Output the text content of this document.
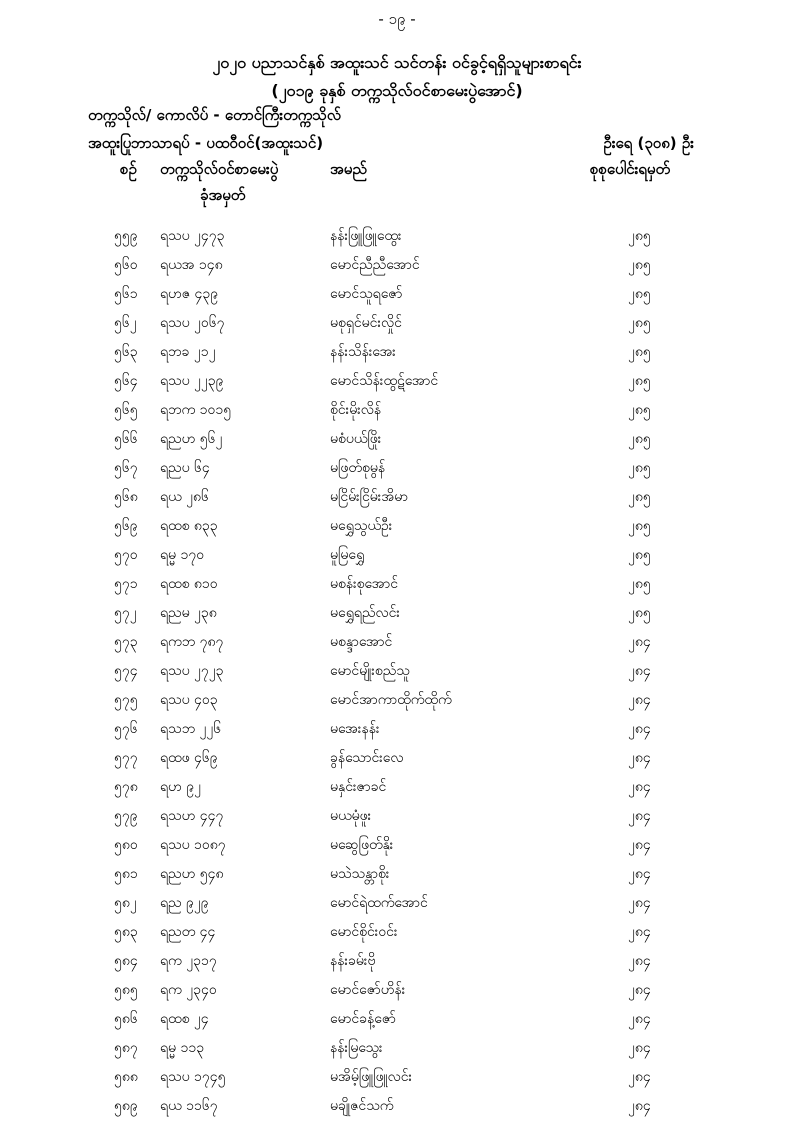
- ၁၉ -
၂၀၂၀ ပညာသင်နှစ် အထူးသင် သင်တန်း ဝင်ခွင့်ရရှိသူများစာရင်း
(၂၀၁၉ ခုနှစ် တက္ကသိုလ်ဝင်စာမေးပွဲအောင်)
တက္ကသိုလ်/ ကောလိပ် - တောင်ကြီးတက္ကသိုလ်
အထူးပြုဘာသာရပ် - ပထဝီဝင်(အထူးသင်)	ဦးရေ (၃၀၈) ဦး
စဉ် တက္ကသိုလ်ဝင်စာမေးပွဲ
ခုံအမှတ်
အမည်	စုစုပေါင်းရမှတ်
၅၅၉ ရသပ ၂၄၇၃	နန်းဖြူဖြူထွေး	၂၈၅
၅၆၀ ရယအ ၁၄၈	မောင်ညီညီအောင်	၂၈၅
၅၆၁ ရဟဇ ၄၃၉	မောင်သူရဇော်	၂၈၅
၅၆၂ ရသပ ၂၀၆၇	မစုရှင်မင်းလှိုင်	၂၈၅
၅၆၃ ရဘခ ၂၁၂	နန်းသိန်းအေး	၂၈၅
၅၆၄ ရသပ ၂၂၃၉	မောင်သိန်းထွဋ်အောင်	၂၈၅
၅၆၅ ရဘက ၁၀၁၅	စိုင်းမိုးလိန်	၂၈၅
၅၆၆ ရညဟ ၅၆၂	မစံပယ်ဖြိုး	၂၈၅
၅၆၇ ရညပ ၆၄	မဖြတ်စုမွန်	၂၈၅
၅၆၈ ရယ ၂၈၆	မငြိမ်းငြိမ်းအိမာ	၂၈၅
၅၆၉ ရထစ ၈၃၃	မရွှေသွယ်ဦး	၂၈၅
၅၇၀ ရမ္မ ၁၇၀	မူမြရွှေ	၂၈၅
၅၇၁ ရထစ ၈၁၀	မစန်းစုအောင်	၂၈၅
၅၇၂ ရညမ ၂၃၈	မရွှေရည်လင်း	၂၈၅
၅၇၃ ရကဘ ၇၈၇	မစန္ဒာအောင်	၂၈၄
၅၇၄ ရသပ ၂၇၂၃	မောင်မျိုးစည်သူ	၂၈၄
၅၇၅ ရသပ ၄၀၃	မောင်အာကာထိုက်ထိုက်	၂၈၄
၅၇၆ ရသဘ ၂၂၆	မအေးနန်း	၂၈၄
၅၇၇ ရထဖ ၄၆၉	ခွန်သောင်းလေ	၂၈၄
၅၇၈ ရဟ ၉၂	မနှင်းဇာခင်	၂၈၄
၅၇၉ ရသဟ ၄၄၇	မယမုံဖူး	၂၈၄
၅၈၀ ရသပ ၁၀၈၇	မဆွေဖြတ်နိုး	၂၈၄
၅၈၁ ရညဟ ၅၄၈	မသဲသန္တာစိုး	၂၈၄
၅၈၂ ရည ၉၂၉	မောင်ရဲထက်အောင်	၂၈၄
၅၈၃ ရညတ ၄၄	မောင်စိုင်းဝင်း	၂၈၄
၅၈၄ ရက ၂၃၁၇	နန်းခမ်းဗို	၂၈၄
၅၈၅ ရက ၂၃၄၀	မောင်ဇော်ဟိန်း	၂၈၄
၅၈၆ ရထစ ၂၄	မောင်ခန့်ဇော်	၂၈၄
၅၈၇ ရမ္မ ၁၁၃	နန်းမြသွေး	၂၈၄
၅၈၈ ရသပ ၁၇၄၅	မအိမ့်ဖြူဖြူလင်း	၂၈၄
၅၈၉ ရယ ၁၁၆၇	မချိုဇင်သက်	၂၈၄
